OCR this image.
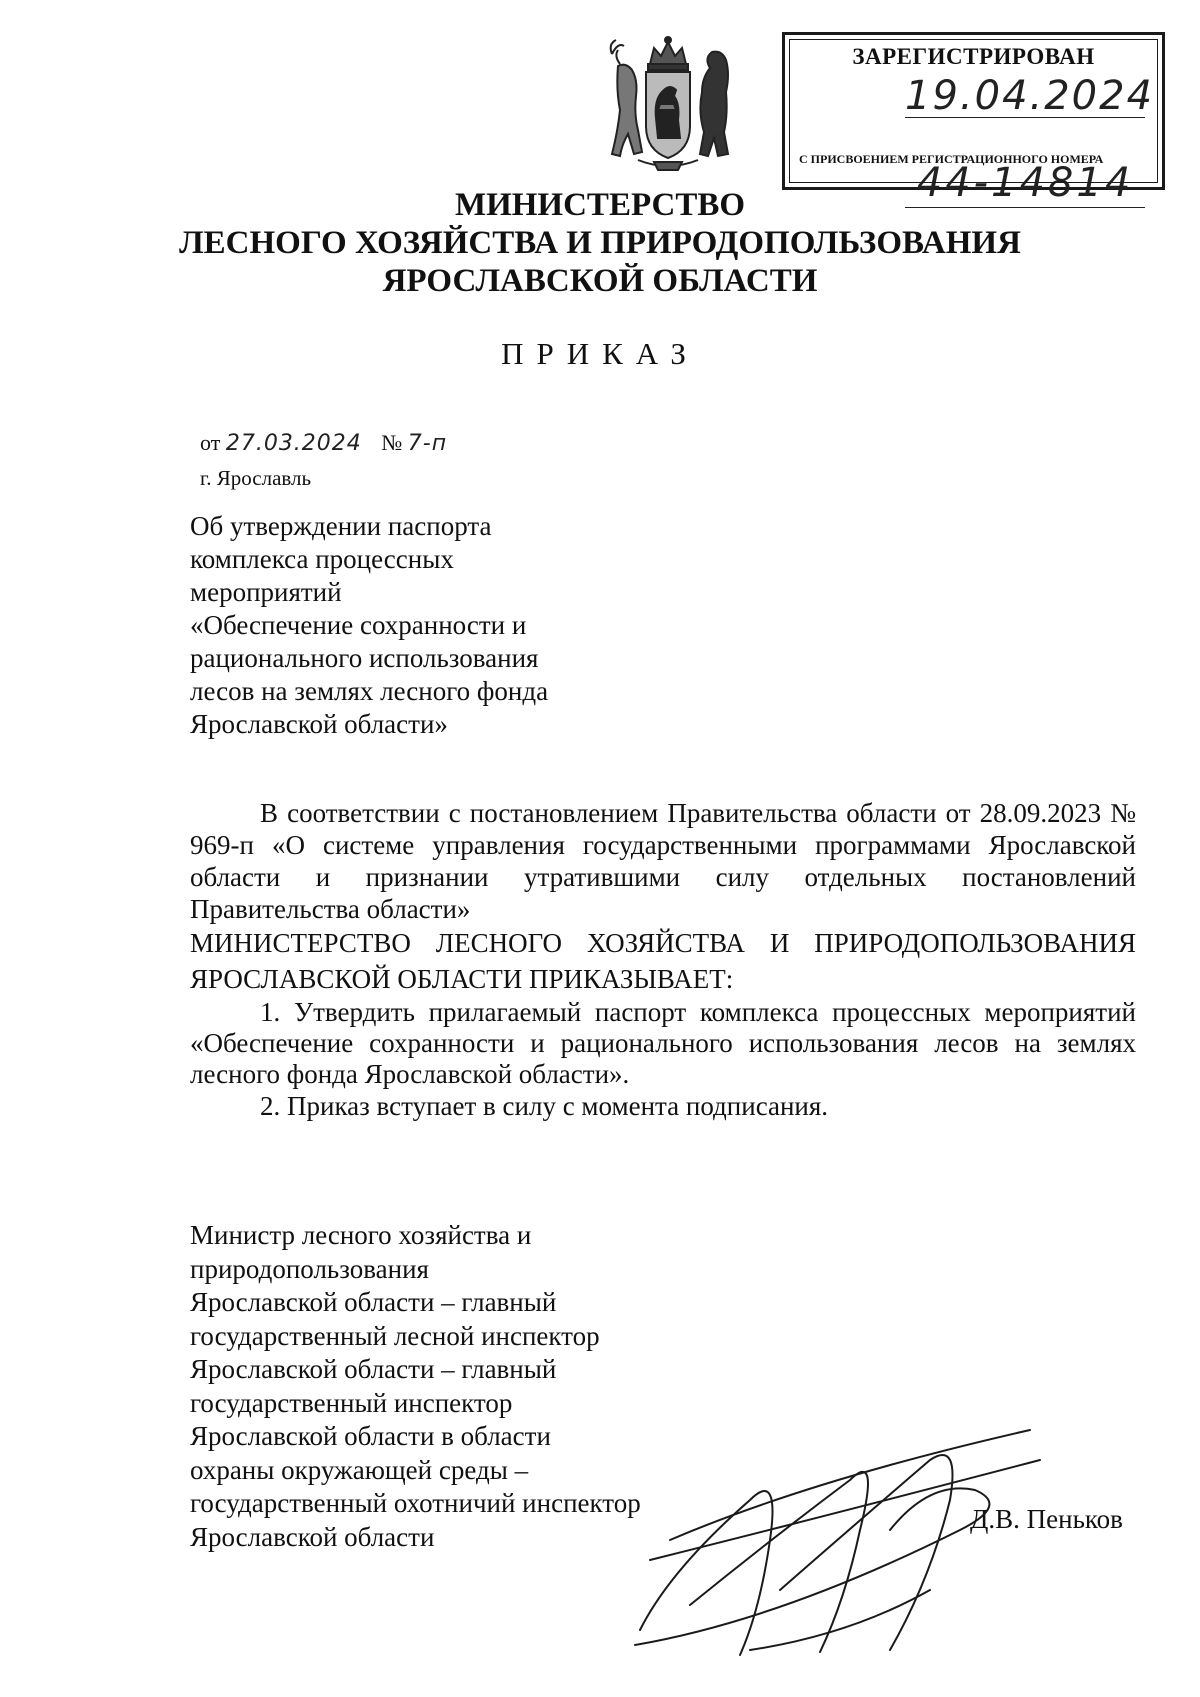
ЗАРЕГИСТРИРОВАН
19.04.2024
С ПРИСВОЕНИЕМ РЕГИСТРАЦИОННОГО НОМЕРА
44-14814
МИНИСТЕРСТВО
ЛЕСНОГО ХОЗЯЙСТВА И ПРИРОДОПОЛЬЗОВАНИЯ
ЯРОСЛАВСКОЙ ОБЛАСТИ
ПРИКАЗ
от 27.03.2024 № 7-п
г. Ярославль
Об утверждении паспорта
комплекса процессных
мероприятий
«Обеспечение сохранности и
рационального использования
лесов на землях лесного фонда
Ярославской области»
В соответствии с постановлением Правительства области от 28.09.2023 № 969-п «О системе управления государственными программами Ярославской области и признании утратившими силу отдельных постановлений Правительства области»
МИНИСТЕРСТВО ЛЕСНОГО ХОЗЯЙСТВА И ПРИРОДОПОЛЬЗОВАНИЯ ЯРОСЛАВСКОЙ ОБЛАСТИ ПРИКАЗЫВАЕТ:
1. Утвердить прилагаемый паспорт комплекса процессных мероприятий «Обеспечение сохранности и рационального использования лесов на землях лесного фонда Ярославской области».
2. Приказ вступает в силу с момента подписания.
Министр лесного хозяйства и
природопользования
Ярославской области – главный
государственный лесной инспектор
Ярославской области – главный
государственный инспектор
Ярославской области в области
охраны окружающей среды –
государственный охотничий инспектор
Ярославской области
Д.В. Пеньков
